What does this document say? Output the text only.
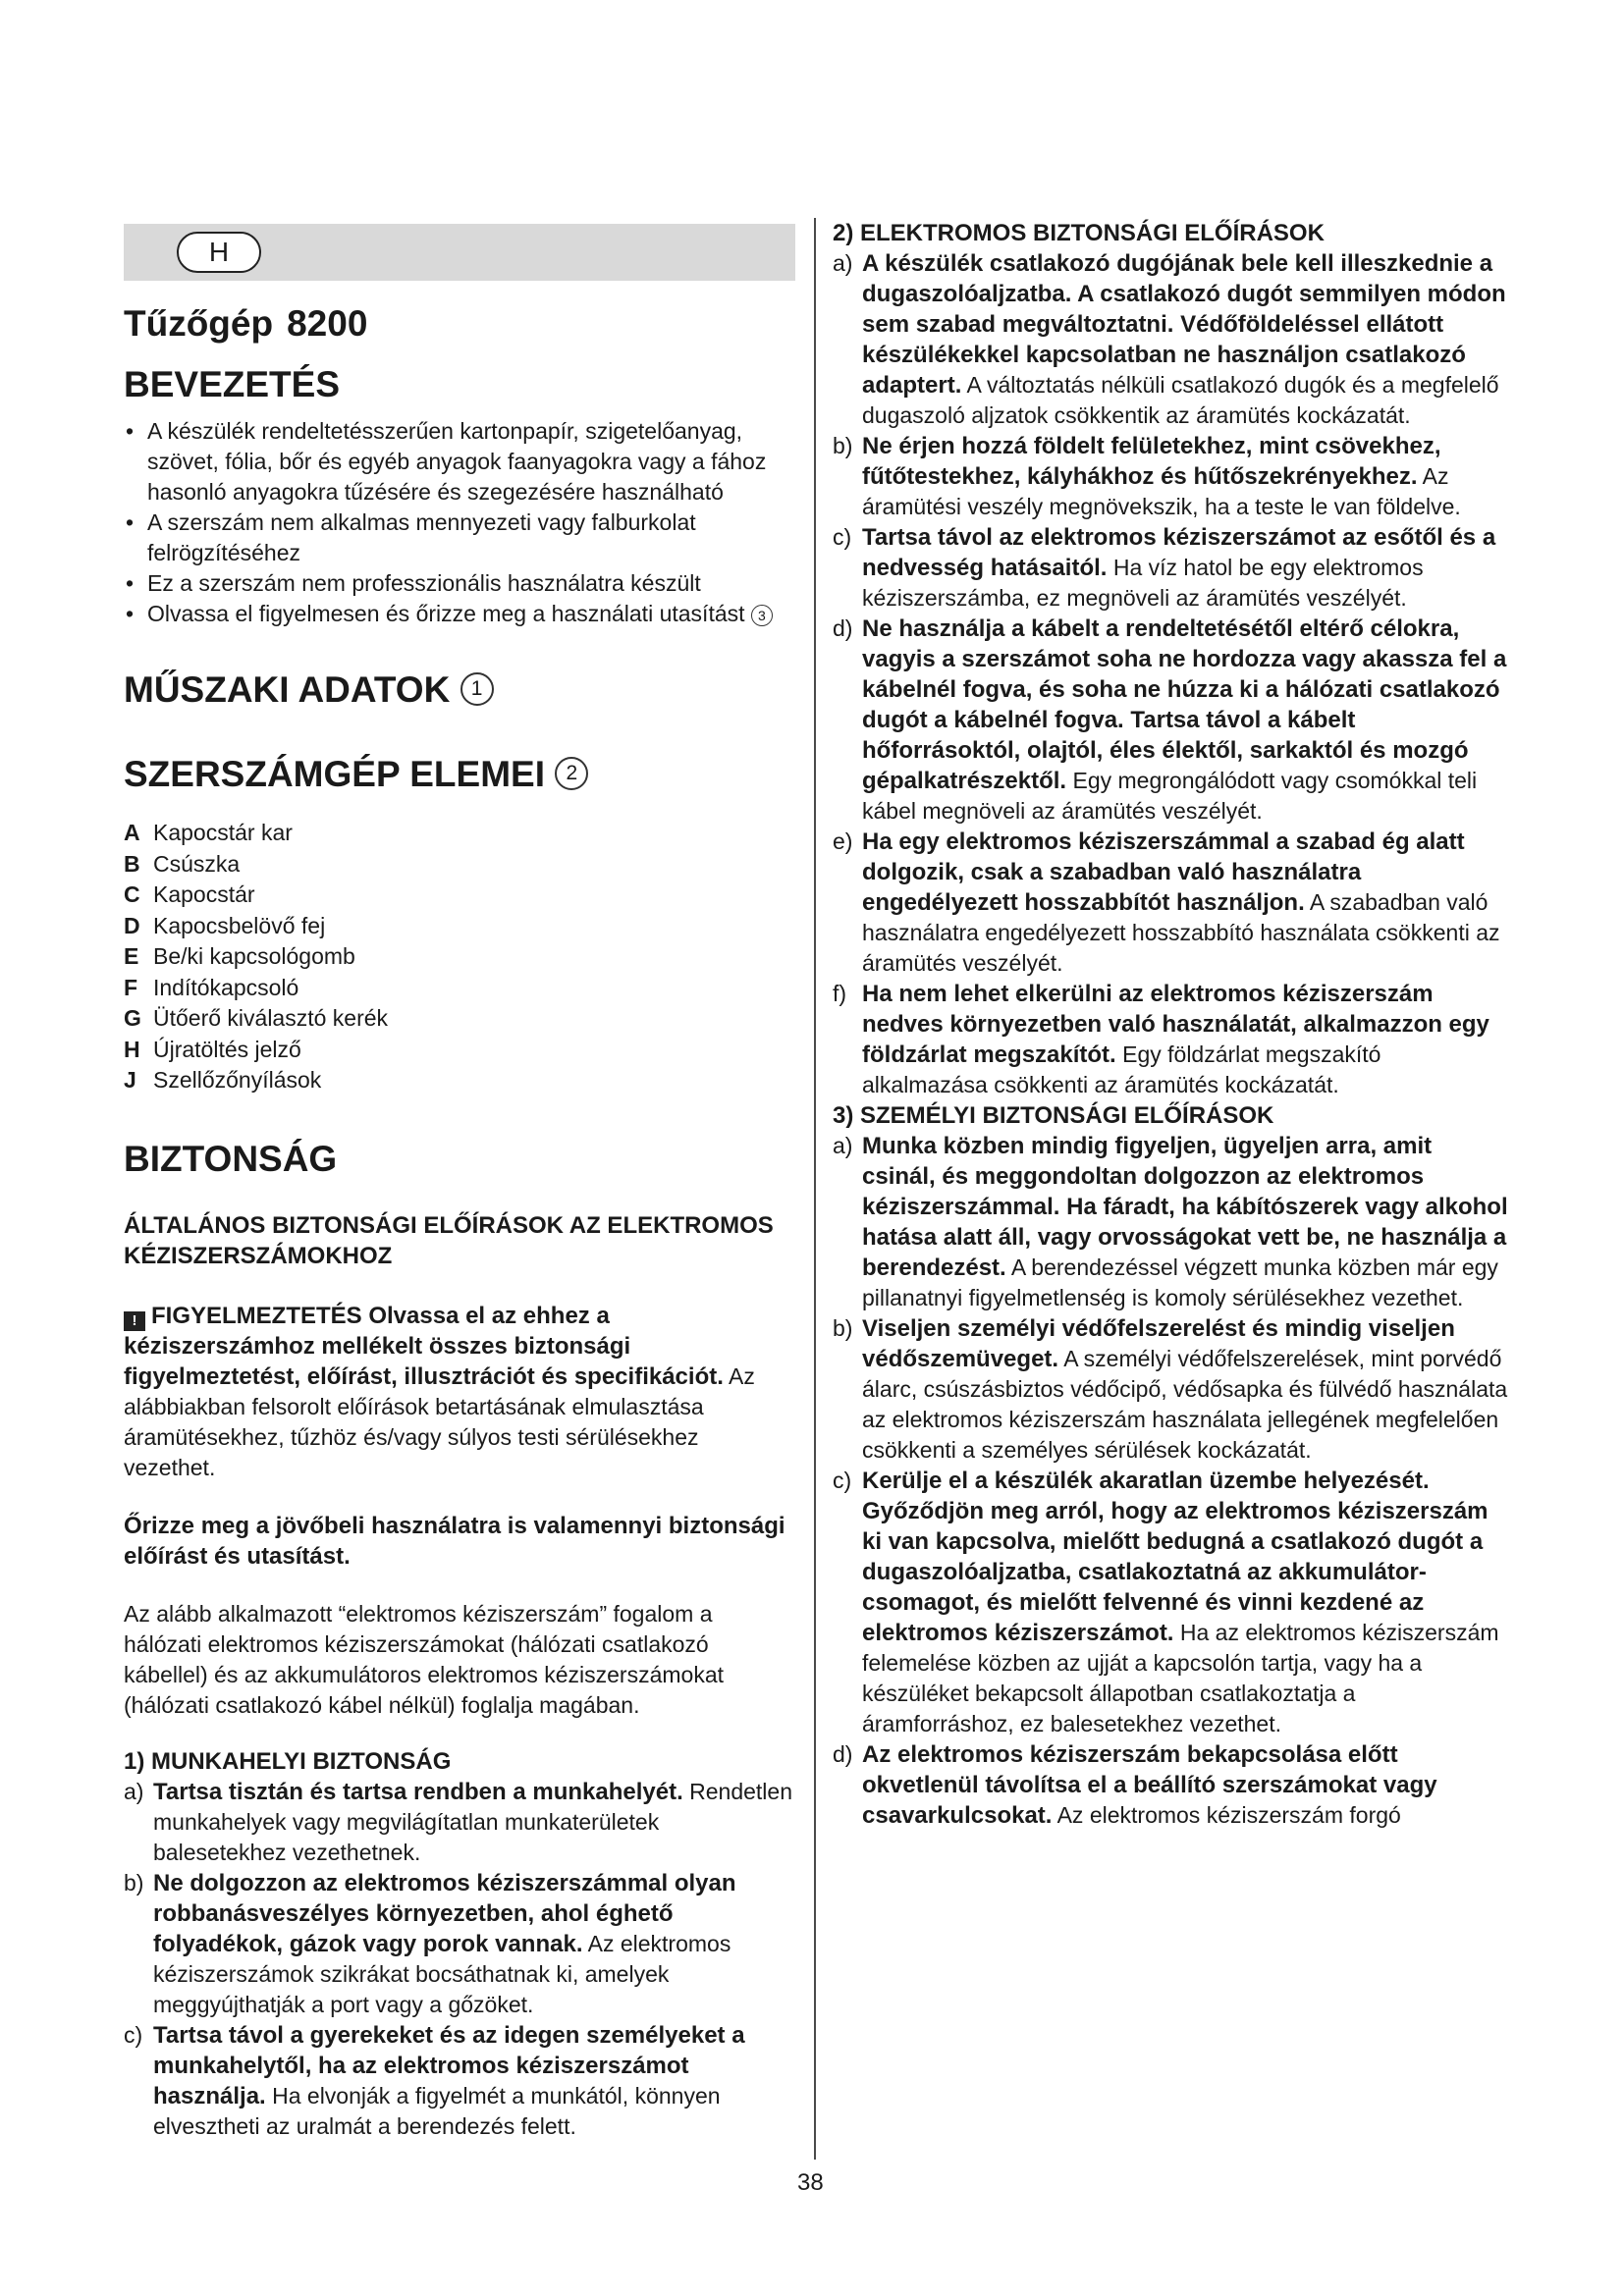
H
Tűzőgép 8200
BEVEZETÉS
• A készülék rendeltetésszerűen kartonpapír, szigetelőanyag, szövet, fólia, bőr és egyéb anyagok faanyagokra vagy a fához hasonló anyagokra tűzésére és szegezésére használható
• A szerszám nem alkalmas mennyezeti vagy falburkolat felrögzítéséhez
• Ez a szerszám nem professzionális használatra készült
• Olvassa el figyelmesen és őrizze meg a használati utasítást 3
MŰSZAKI ADATOK 1
SZERSZÁMGÉP ELEMEI 2
A Kapocstár kar
B Csúszka
C Kapocstár
D Kapocsbelövő fej
E Be/ki kapcsológomb
F Indítókapcsoló
G Ütőerő kiválasztó kerék
H Újratöltés jelző
J Szellőzőnyílások
BIZTONSÁG
ÁLTALÁNOS BIZTONSÁGI ELŐÍRÁSOK AZ ELEKTROMOS KÉZISZERSZÁMOKHOZ
! FIGYELMEZTETÉS Olvassa el az ehhez a kéziszerszámhoz mellékelt összes biztonsági figyelmeztetést, előírást, illusztrációt és specifikációt. Az alábbiakban felsorolt előírások betartásának elmulasztása áramütésekhez, tűzhöz és/vagy súlyos testi sérülésekhez vezethet.
Őrizze meg a jövőbeli használatra is valamennyi biztonsági előírást és utasítást.
Az alább alkalmazott “elektromos kéziszerszám” fogalom a hálózati elektromos kéziszerszámokat (hálózati csatlakozó kábellel) és az akkumulátoros elektromos kéziszerszámokat (hálózati csatlakozó kábel nélkül) foglalja magában.
1) MUNKAHELYI BIZTONSÁG
a) Tartsa tisztán és tartsa rendben a munkahelyét. Rendetlen munkahelyek vagy megvilágítatlan munkaterületek balesetekhez vezethetnek.
b) Ne dolgozzon az elektromos kéziszerszámmal olyan robbanásveszélyes környezetben, ahol éghető folyadékok, gázok vagy porok vannak. Az elektromos kéziszerszámok szikrákat bocsáthatnak ki, amelyek meggyújthatják a port vagy a gőzöket.
c) Tartsa távol a gyerekeket és az idegen személyeket a munkahelytől, ha az elektromos kéziszerszámot használja. Ha elvonják a figyelmét a munkától, könnyen elvesztheti az uralmát a berendezés felett.
2) ELEKTROMOS BIZTONSÁGI ELŐÍRÁSOK
a) A készülék csatlakozó dugójának bele kell illeszkednie a dugaszolóaljzatba. A csatlakozó dugót semmilyen módon sem szabad megváltoztatni. Védőföldeléssel ellátott készülékekkel kapcsolatban ne használjon csatlakozó adaptert. A változtatás nélküli csatlakozó dugók és a megfelelő dugaszoló aljzatok csökkentik az áramütés kockázatát.
b) Ne érjen hozzá földelt felületekhez, mint csövekhez, fűtőtestekhez, kályhákhoz és hűtőszekrényekhez. Az áramütési veszély megnövekszik, ha a teste le van földelve.
c) Tartsa távol az elektromos kéziszerszámot az esőtől és a nedvesség hatásaitól. Ha víz hatol be egy elektromos kéziszerszámba, ez megnöveli az áramütés veszélyét.
d) Ne használja a kábelt a rendeltetésétől eltérő célokra, vagyis a szerszámot soha ne hordozza vagy akassza fel a kábelnél fogva, és soha ne húzza ki a hálózati csatlakozó dugót a kábelnél fogva. Tartsa távol a kábelt hőforrásoktól, olajtól, éles élektől, sarkaktól és mozgó gépalkatrészektől. Egy megrongálódott vagy csomókkal teli kábel megnöveli az áramütés veszélyét.
e) Ha egy elektromos kéziszerszámmal a szabad ég alatt dolgozik, csak a szabadban való használatra engedélyezett hosszabbítót használjon. A szabadban való használatra engedélyezett hosszabbító használata csökkenti az áramütés veszélyét.
f) Ha nem lehet elkerülni az elektromos kéziszerszám nedves környezetben való használatát, alkalmazzon egy földzárlat megszakítót. Egy földzárlat megszakító alkalmazása csökkenti az áramütés kockázatát.
3) SZEMÉLYI BIZTONSÁGI ELŐÍRÁSOK
a) Munka közben mindig figyeljen, ügyeljen arra, amit csinál, és meggondoltan dolgozzon az elektromos kéziszerszámmal. Ha fáradt, ha kábítószerek vagy alkohol hatása alatt áll, vagy orvosságokat vett be, ne használja a berendezést. A berendezéssel végzett munka közben már egy pillanatnyi figyelmetlenség is komoly sérülésekhez vezethet.
b) Viseljen személyi védőfelszerelést és mindig viseljen védőszemüveget. A személyi védőfelszerelések, mint porvédő álarc, csúszásbiztos védőcipő, védősapka és fülvédő használata az elektromos kéziszerszám használata jellegének megfelelően csökkenti a személyes sérülések kockázatát.
c) Kerülje el a készülék akaratlan üzembe helyezését. Győződjön meg arról, hogy az elektromos kéziszerszám ki van kapcsolva, mielőtt bedugná a csatlakozó dugót a dugaszolóaljzatba, csatlakoztatná az akkumulátor-csomagot, és mielőtt felvenné és vinni kezdené az elektromos kéziszerszámot. Ha az elektromos kéziszerszám felemelése közben az ujját a kapcsolón tartja, vagy ha a készüléket bekapcsolt állapotban csatlakoztatja a áramforráshoz, ez balesetekhez vezethet.
d) Az elektromos kéziszerszám bekapcsolása előtt okvetlenül távolítsa el a beállító szerszámokat vagy csavarkulcsokat. Az elektromos kéziszerszám forgó
38
